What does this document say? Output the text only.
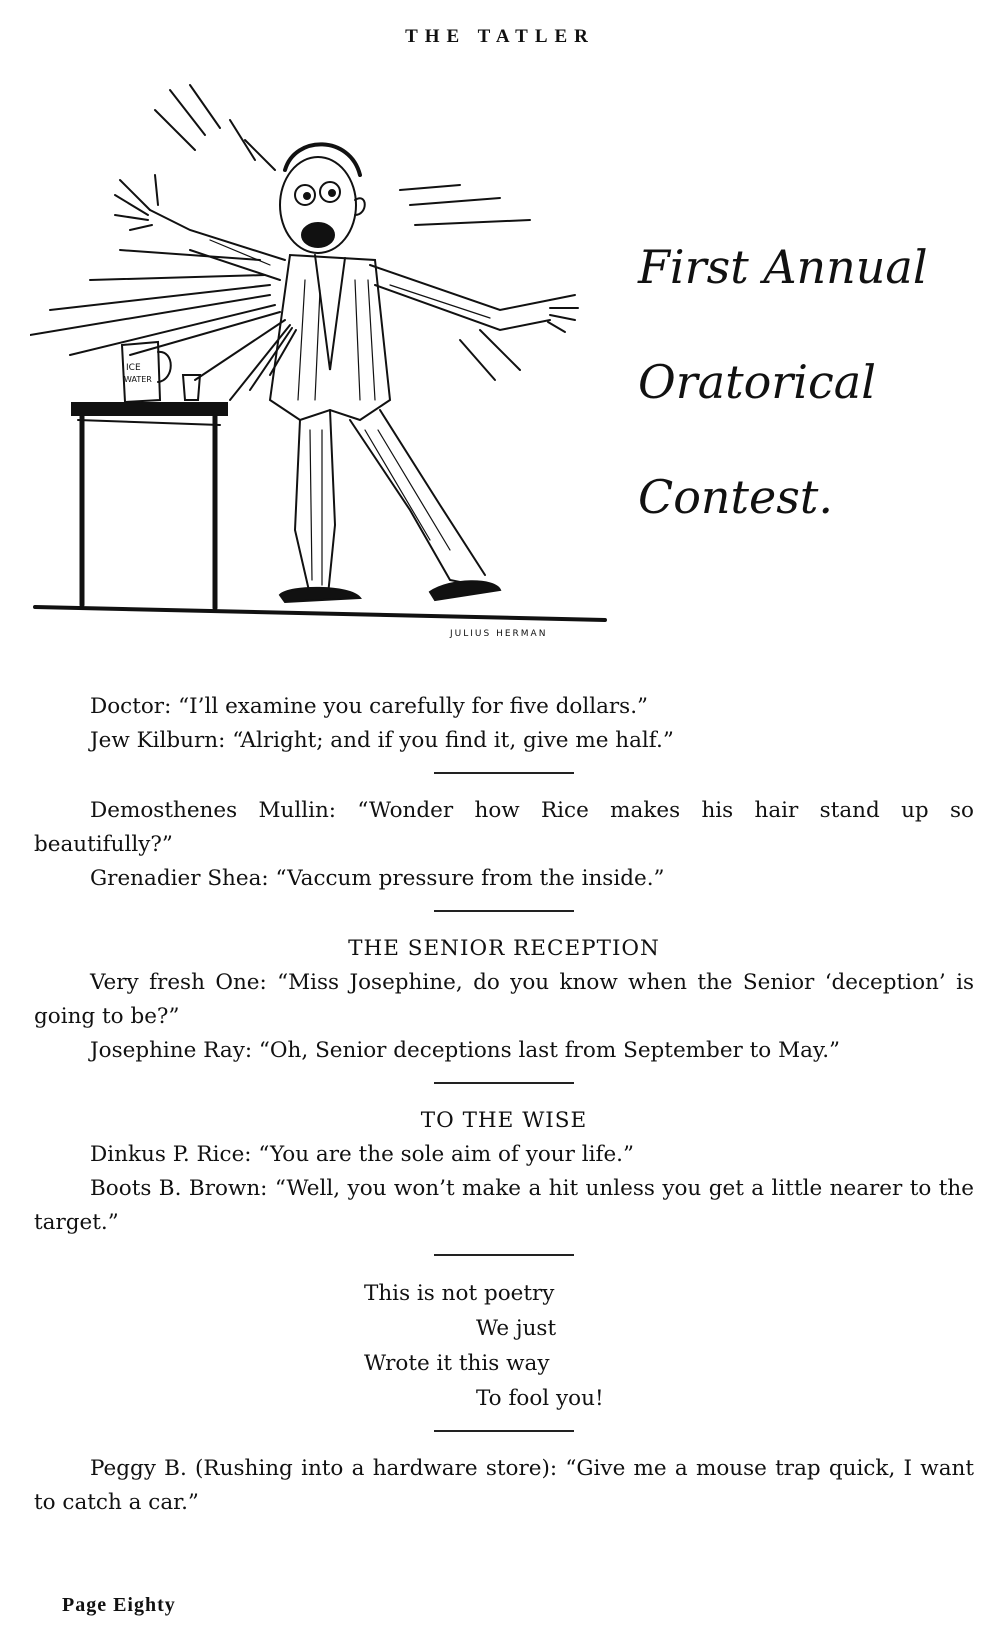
THE TATLER
ICE
WATER
JULIUS HERMAN
First Annual
Oratorical
Contest.

Doctor: “I’ll examine you carefully for five dollars.”

Jew Kilburn: “Alright; and if you find it, give me half.”

Demosthenes Mullin: “Wonder how Rice makes his hair stand up so beautifully?”

Grenadier Shea: “Vaccum pressure from the inside.”

THE SENIOR RECEPTION

Very fresh One: “Miss Josephine, do you know when the Senior ‘deception’ is going to be?”

Josephine Ray: “Oh, Senior deceptions last from September to May.”

TO THE WISE

Dinkus P. Rice: “You are the sole aim of your life.”

Boots B. Brown: “Well, you won’t make a hit unless you get a little nearer to the target.”

This is not poetry
We just
Wrote it this way
To fool you!

Peggy B. (Rushing into a hardware store): “Give me a mouse trap quick, I want to catch a car.”

Page Eighty
